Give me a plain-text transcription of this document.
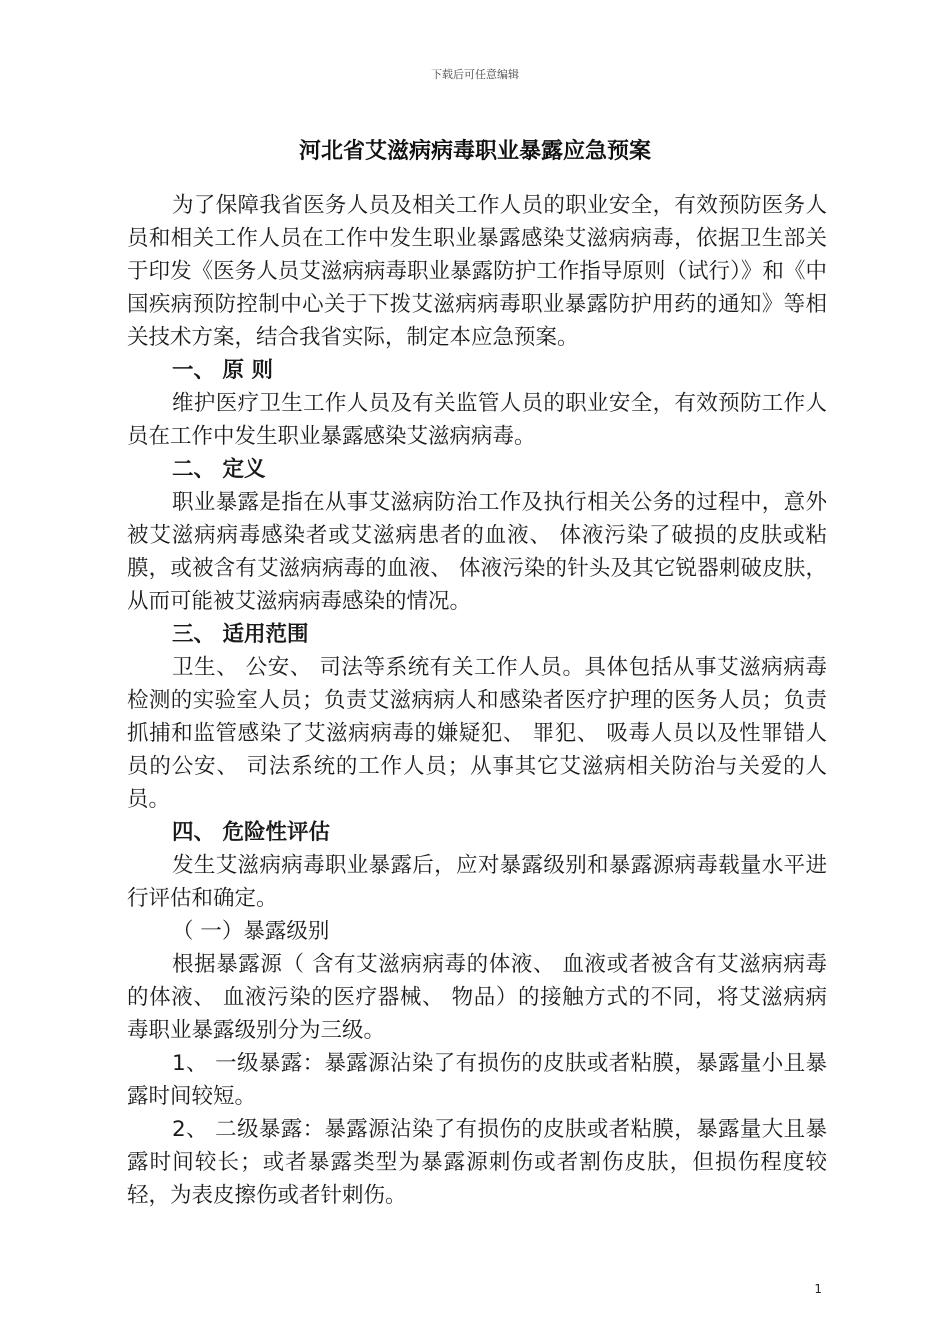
下载后可任意编辑
河北省艾滋病病毒职业暴露应急预案

为了保障我省医务人员及相关工作人员的职业安全，有效预防医务人员和相关工作人员在工作中发生职业暴露感染艾滋病病毒，依据卫生部关于印发《医务人员艾滋病病毒职业暴露防护工作指导原则（试行）》和《中国疾病预防控制中心关于下拨艾滋病病毒职业暴露防护用药的通知》等相关技术方案，结合我省实际，制定本应急预案。

一、 原 则

维护医疗卫生工作人员及有关监管人员的职业安全，有效预防工作人员在工作中发生职业暴露感染艾滋病病毒。

二、 定义

职业暴露是指在从事艾滋病防治工作及执行相关公务的过程中，意外被艾滋病病毒感染者或艾滋病患者的血液、 体液污染了破损的皮肤或粘膜，或被含有艾滋病病毒的血液、 体液污染的针头及其它锐器刺破皮肤，从而可能被艾滋病病毒感染的情况。

三、 适用范围

卫生、 公安、 司法等系统有关工作人员。具体包括从事艾滋病病毒检测的实验室人员；负责艾滋病病人和感染者医疗护理的医务人员；负责抓捕和监管感染了艾滋病病毒的嫌疑犯、 罪犯、 吸毒人员以及性罪错人员的公安、 司法系统的工作人员；从事其它艾滋病相关防治与关爱的人员。

四、 危险性评估

发生艾滋病病毒职业暴露后，应对暴露级别和暴露源病毒载量水平进行评估和确定。

（ 一）暴露级别

根据暴露源（ 含有艾滋病病毒的体液、 血液或者被含有艾滋病病毒的体液、 血液污染的医疗器械、 物品）的接触方式的不同，将艾滋病病毒职业暴露级别分为三级。

1、 一级暴露：暴露源沾染了有损伤的皮肤或者粘膜，暴露量小且暴露时间较短。

2、 二级暴露：暴露源沾染了有损伤的皮肤或者粘膜，暴露量大且暴露时间较长；或者暴露类型为暴露源刺伤或者割伤皮肤，但损伤程度较轻，为表皮擦伤或者针刺伤。

1
